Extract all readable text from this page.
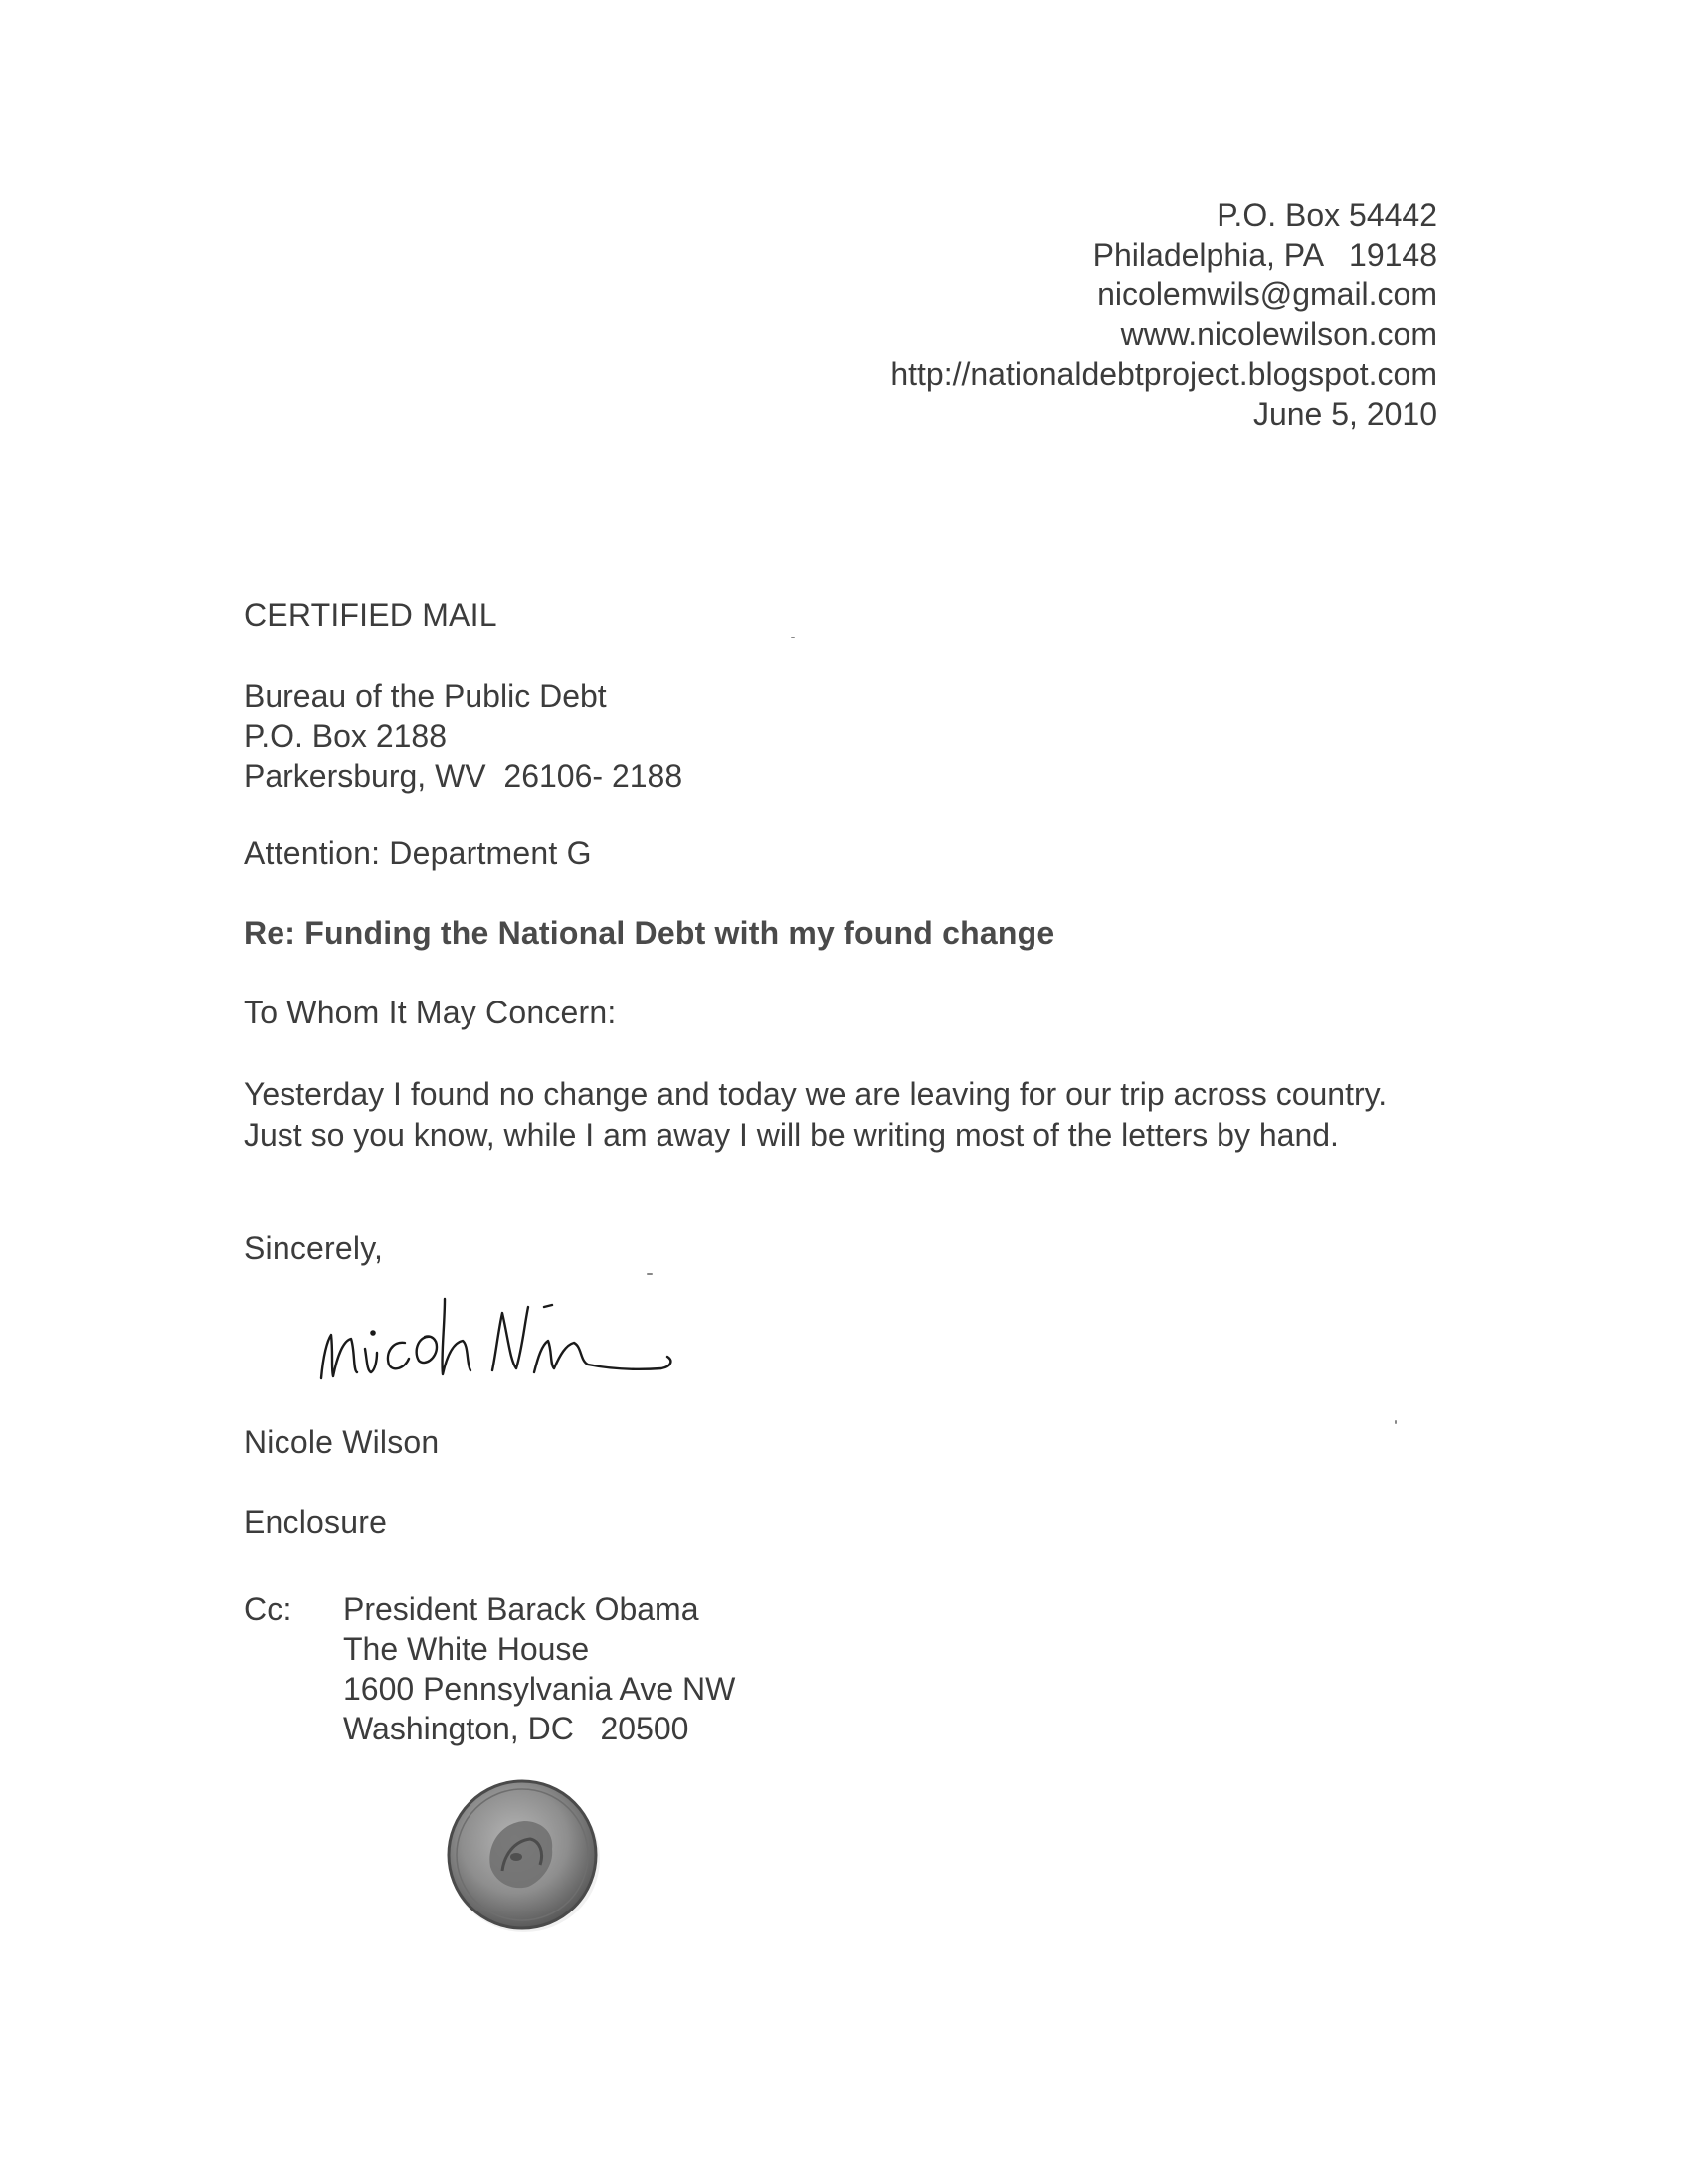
P.O. Box 54442
Philadelphia, PA   19148
nicolemwils@gmail.com
www.nicolewilson.com
http://nationaldebtproject.blogspot.com
June 5, 2010
CERTIFIED MAIL
Bureau of the Public Debt
P.O. Box 2188
Parkersburg, WV  26106- 2188
Attention: Department G
Re: Funding the National Debt with my found change
To Whom It May Concern:
Yesterday I found no change and today we are leaving for our trip across country.  Just so you know, while I am away I will be writing most of the letters by hand.
Sincerely,
Nicole Wilson
Enclosure
Cc: President Barack Obama
The White House
1600 Pennsylvania Ave NW
Washington, DC   20500
